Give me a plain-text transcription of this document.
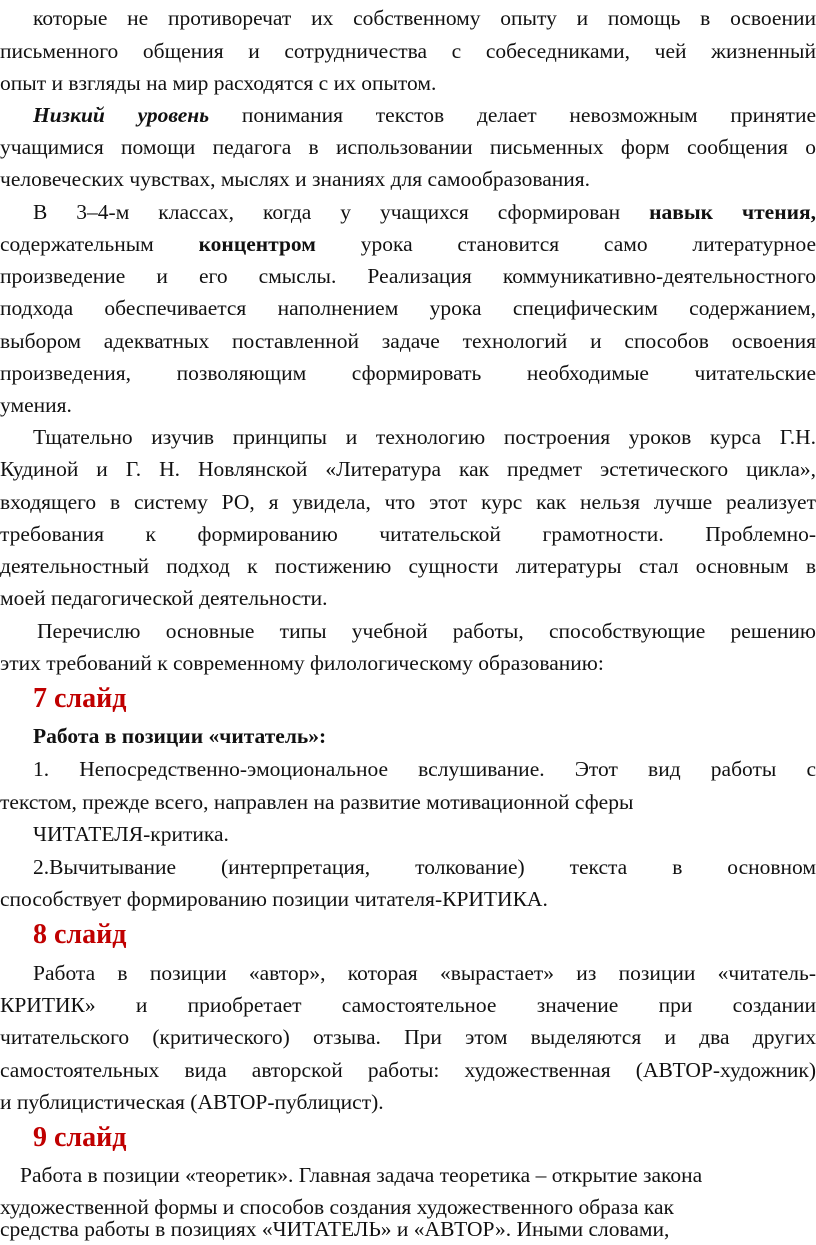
которые не противоречат их собственному опыту и помощь в освоении
письменного общения и сотрудничества с собеседниками, чей жизненный
опыт и взгляды на мир расходятся с их опытом.
Низкий уровень понимания текстов делает невозможным принятие
учащимися помощи педагога в использовании письменных форм сообщения о
человеческих чувствах, мыслях и знаниях для самообразования.
В 3–4-м классах, когда у учащихся сформирован навык чтения,
содержательным концентром урока становится само литературное
произведение и его смыслы. Реализация коммуникативно-деятельностного
подхода обеспечивается наполнением урока специфическим содержанием,
выбором адекватных поставленной задаче технологий и способов освоения
произведения, позволяющим сформировать необходимые читательские
умения.
Тщательно изучив принципы и технологию построения уроков курса Г.Н.
Кудиной и Г. Н. Новлянской «Литература как предмет эстетического цикла»,
входящего в систему РО, я увидела, что этот курс как нельзя лучше реализует
требования к формированию читательской грамотности. Проблемно-
деятельностный подход к постижению сущности литературы стал основным в
моей педагогической деятельности.
Перечислю основные типы учебной работы, способствующие решению
этих требований к современному филологическому образованию:
7 слайд
Работа в позиции «читатель»:
1. Непосредственно-эмоциональное вслушивание. Этот вид работы с
текстом, прежде всего, направлен на развитие мотивационной сферы
ЧИТАТЕЛЯ-критика.
2.Вычитывание (интерпретация, толкование) текста в основном
способствует формированию позиции читателя-КРИТИКА.
8 слайд
Работа в позиции «автор», которая «вырастает» из позиции «читатель-
КРИТИК» и приобретает самостоятельное значение при создании
читательского (критического) отзыва. При этом выделяются и два других
самостоятельных вида авторской работы: художественная (АВТОР-художник)
и публицистическая (АВТОР-публицист).
9 слайд
Работа в позиции «теоретик». Главная задача теоретика – открытие закона
художественной формы и способов создания художественного образа как
средства работы в позициях «ЧИТАТЕЛЬ» и «АВТОР». Иными словами,
